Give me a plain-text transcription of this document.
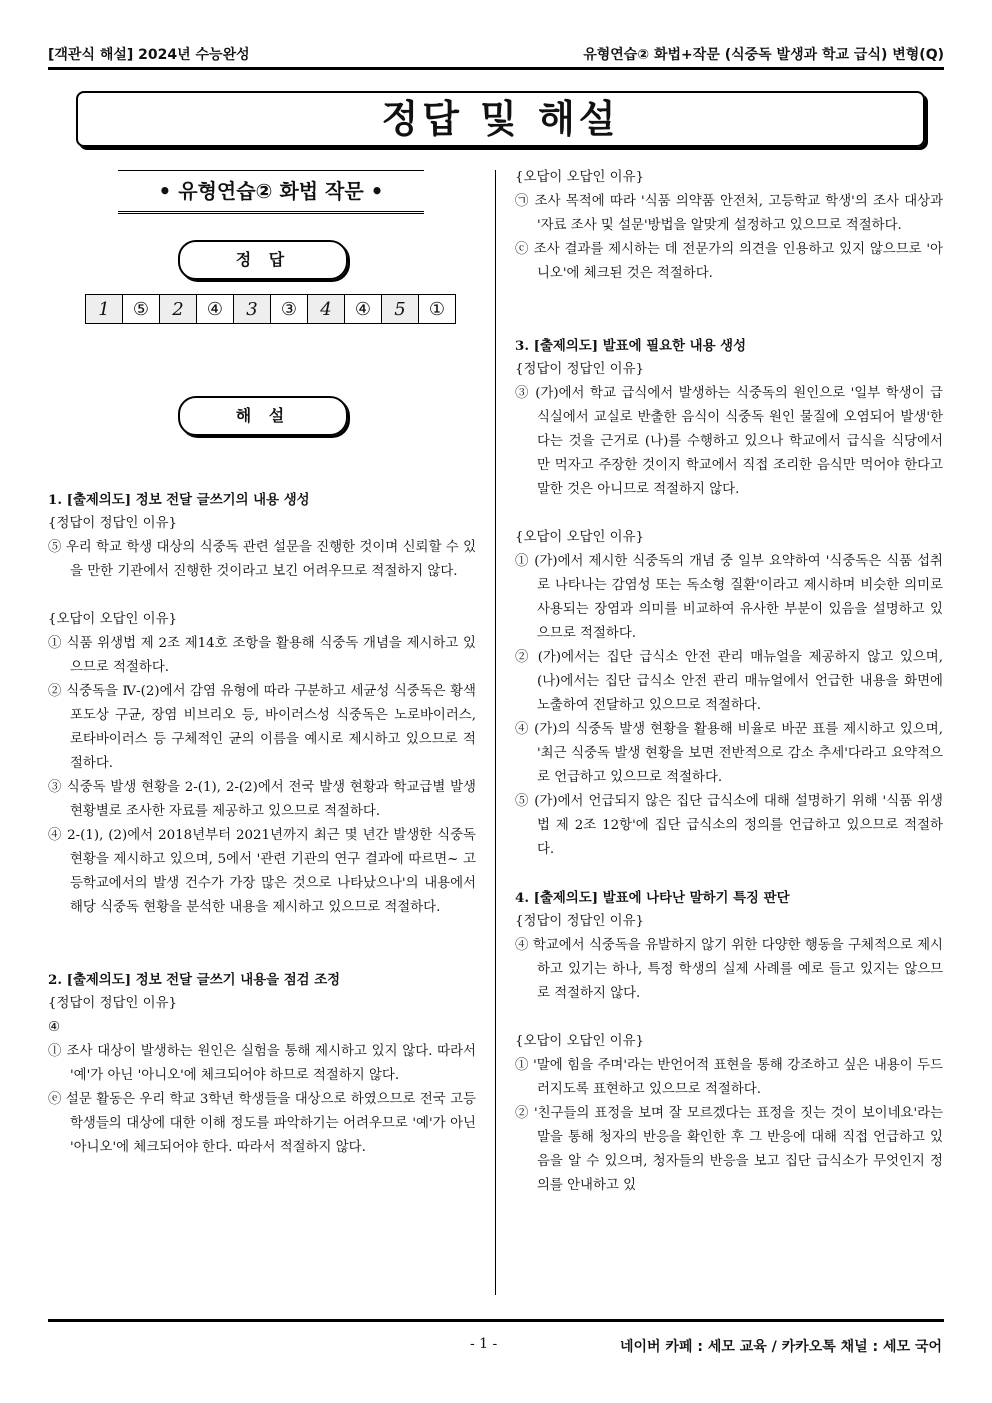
[객관식 해설] 2024년 수능완성	유형연습② 화법+작문 (식중독 발생과 학교 급식) 변형(Q)
정답 및 해설
• 유형연습② 화법 작문 •
정 답
1	⑤	2	④	3	③	4	④	5	①
해 설

1. [출제의도] 정보 전달 글쓰기의 내용 생성

{정답이 정답인 이유}

⑤ 우리 학교 학생 대상의 식중독 관련 설문을 진행한 것이며 신뢰할 수 있을 만한 기관에서 진행한 것이라고 보긴 어려우므로 적절하지 않다.

{오답이 오답인 이유}

① 식품 위생법 제 2조 제14호 조항을 활용해 식중독 개념을 제시하고 있으므로 적절하다.

② 식중독을 Ⅳ-(2)에서 감염 유형에 따라 구분하고 세균성 식중독은 황색 포도상 구균, 장염 비브리오 등, 바이러스성 식중독은 노로바이러스, 로타바이러스 등 구체적인 균의 이름을 예시로 제시하고 있으므로 적절하다.

③ 식중독 발생 현황을 2-(1), 2-(2)에서 전국 발생 현황과 학교급별 발생 현황별로 조사한 자료를 제공하고 있으므로 적절하다.

④ 2-(1), (2)에서 2018년부터 2021년까지 최근 몇 년간 발생한 식중독 현황을 제시하고 있으며, 5에서 '관련 기관의 연구 결과에 따르면~ 고등학교에서의 발생 건수가 가장 많은 것으로 나타났으나'의 내용에서 해당 식중독 현황을 분석한 내용을 제시하고 있으므로 적절하다.

2. [출제의도] 정보 전달 글쓰기 내용을 점검 조정

{정답이 정답인 이유}

④

ⓛ 조사 대상이 발생하는 원인은 실험을 통해 제시하고 있지 않다. 따라서 '예'가 아닌 '아니오'에 체크되어야 하므로 적절하지 않다.

ⓔ 설문 활동은 우리 학교 3학년 학생들을 대상으로 하였으므로 전국 고등학생들의 대상에 대한 이해 정도를 파악하기는 어려우므로 '예'가 아닌 '아니오'에 체크되어야 한다. 따라서 적절하지 않다.

{오답이 오답인 이유}

㉠ 조사 목적에 따라 '식품 의약품 안전처, 고등학교 학생'의 조사 대상과 '자료 조사 및 설문'방법을 알맞게 설정하고 있으므로 적절하다.

ⓒ 조사 결과를 제시하는 데 전문가의 의견을 인용하고 있지 않으므로 '아니오'에 체크된 것은 적절하다.

3. [출제의도] 발표에 필요한 내용 생성

{정답이 정답인 이유}

③ (가)에서 학교 급식에서 발생하는 식중독의 원인으로 '일부 학생이 급식실에서 교실로 반출한 음식이 식중독 원인 물질에 오염되어 발생'한다는 것을 근거로 (나)를 수행하고 있으나 학교에서 급식을 식당에서만 먹자고 주장한 것이지 학교에서 직접 조리한 음식만 먹어야 한다고 말한 것은 아니므로 적절하지 않다.

{오답이 오답인 이유}

① (가)에서 제시한 식중독의 개념 중 일부 요약하여 '식중독은 식품 섭취로 나타나는 감염성 또는 독소형 질환'이라고 제시하며 비슷한 의미로 사용되는 장염과 의미를 비교하여 유사한 부분이 있음을 설명하고 있으므로 적절하다.

② (가)에서는 집단 급식소 안전 관리 매뉴얼을 제공하지 않고 있으며, (나)에서는 집단 급식소 안전 관리 매뉴얼에서 언급한 내용을 화면에 노출하여 전달하고 있으므로 적절하다.

④ (가)의 식중독 발생 현황을 활용해 비율로 바꾼 표를 제시하고 있으며, '최근 식중독 발생 현황을 보면 전반적으로 감소 추세'다라고 요약적으로 언급하고 있으므로 적절하다.

⑤ (가)에서 언급되지 않은 집단 급식소에 대해 설명하기 위해 '식품 위생법 제 2조 12항'에 집단 급식소의 정의를 언급하고 있으므로 적절하다.

4. [출제의도] 발표에 나타난 말하기 특징 판단

{정답이 정답인 이유}

④ 학교에서 식중독을 유발하지 않기 위한 다양한 행동을 구체적으로 제시하고 있기는 하나, 특정 학생의 실제 사례를 예로 들고 있지는 않으므로 적절하지 않다.

{오답이 오답인 이유}

① '말에 힘을 주며'라는 반언어적 표현을 통해 강조하고 싶은 내용이 두드러지도록 표현하고 있으므로 적절하다.

② '친구들의 표정을 보며 잘 모르겠다는 표정을 짓는 것이 보이네요'라는 말을 통해 청자의 반응을 확인한 후 그 반응에 대해 직접 언급하고 있음을 알 수 있으며, 청자들의 반응을 보고 집단 급식소가 무엇인지 정의를 안내하고 있

- 1 -	네이버 카페 : 세모 교육 / 카카오톡 채널 : 세모 국어
